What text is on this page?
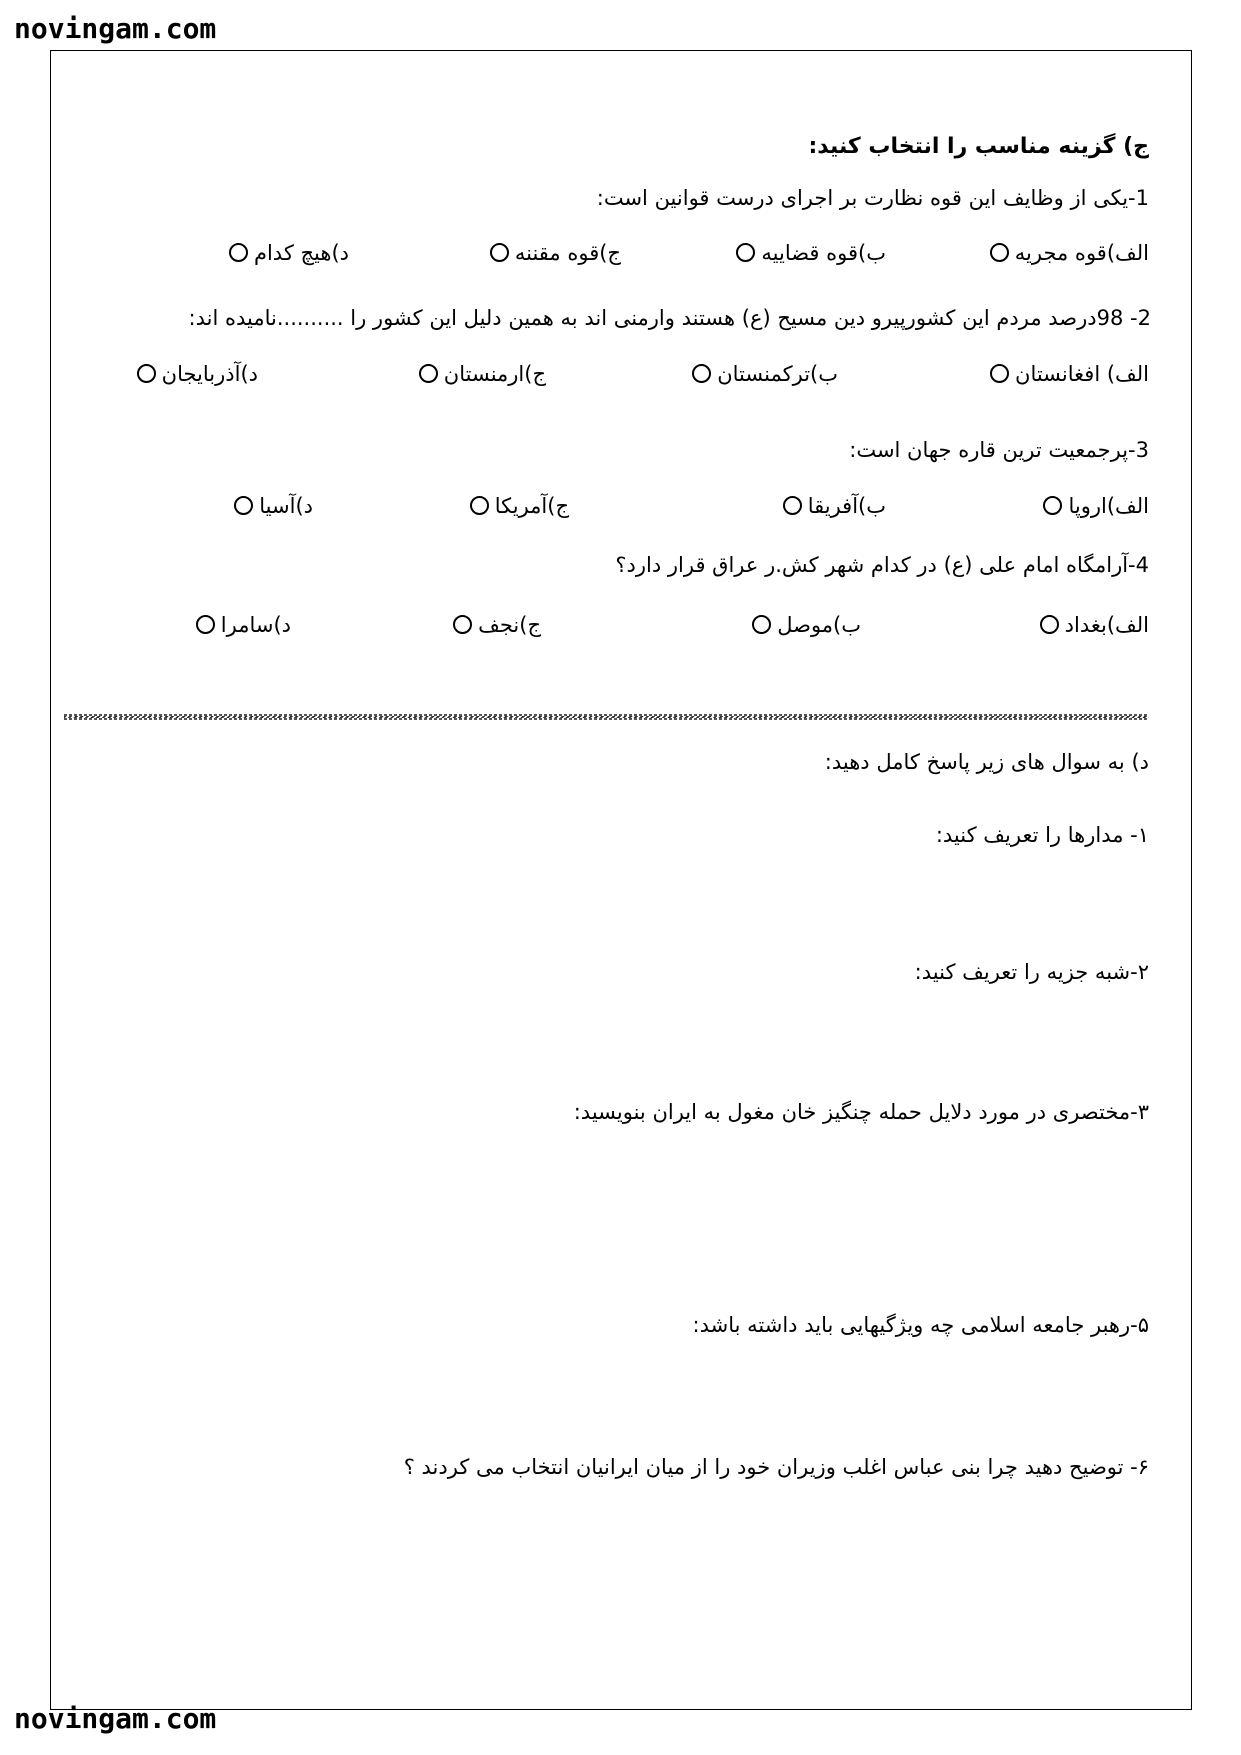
novingam.com
ج) گزینه مناسب را انتخاب کنید:
1-یکی از وظایف این قوه نظارت بر اجرای درست قوانین است:
الف)قوه مجریه
ب)قوه قضاییه
ج)قوه مقننه
د)هیچ کدام
2- 98درصد مردم این کشورپیرو دین مسیح (ع) هستند وارمنی اند به همین دلیل این کشور را ..........نامیده اند:
الف) افغانستان
ب)ترکمنستان
ج)ارمنستان
د)آذربایجان
3-پرجمعیت ترین قاره جهان است:
الف)اروپا
ب)آفریقا
ج)آمریکا
د)آسیا
4-آرامگاه امام علی (ع) در کدام شهر کش.ر عراق قرار دارد؟
الف)بغداد
ب)موصل
ج)نجف
د)سامرا
د) به سوال های زیر پاسخ کامل دهید:
۱- مدارها را تعریف کنید:
۲-شبه جزیه را تعریف کنید:
۳-مختصری در مورد دلایل حمله چنگیز خان مغول به ایران بنویسید:
۵-رهبر جامعه اسلامی چه ویژگیهایی باید داشته باشد:
۶- توضیح دهید چرا بنی عباس اغلب وزیران خود را از میان ایرانیان انتخاب می کردند ؟
novingam.com
